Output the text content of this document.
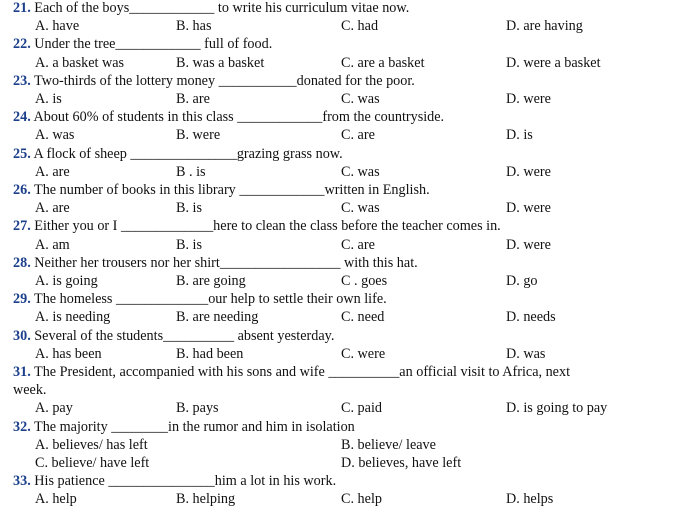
21. Each of the boys____________ to write his curriculum vitae now.
A. have	B. has	C. had	D. are having
22. Under the tree____________ full of food.
A. a basket was	B. was a basket	C. are a basket	D. were a basket
23. Two-thirds of the lottery money ___________donated for the poor.
A. is	B. are	C. was	D. were
24. About 60% of students in this class ____________from the countryside.
A. was	B. were	C. are	D. is
25. A flock of sheep _______________grazing grass now.
A. are	B . is	C. was	D. were
26. The number of books in this library ____________written in English.
A. are	B. is	C. was	D. were
27. Either you or I _____________here to clean the class before the teacher comes in.
A. am	B. is	C. are	D. were
28. Neither her trousers nor her shirt_________________ with this hat.
A. is going	B. are going	C . goes	D. go
29. The homeless _____________our help to settle their own life.
A. is needing	B. are needing	C. need	D. needs
30. Several of the students__________ absent yesterday.
A. has been	B. had been	C. were	D. was
31. The President, accompanied with his sons and wife __________an official visit to Africa, next
week.
A. pay	B. pays	C. paid	D. is going to pay
32. The majority ________in the rumor and him in isolation
A. believes/ has left	B. believe/ leave
C. believe/ have left	D. believes, have left
33. His patience _______________him a lot in his work.
A. help	B. helping	C. help	D. helps
